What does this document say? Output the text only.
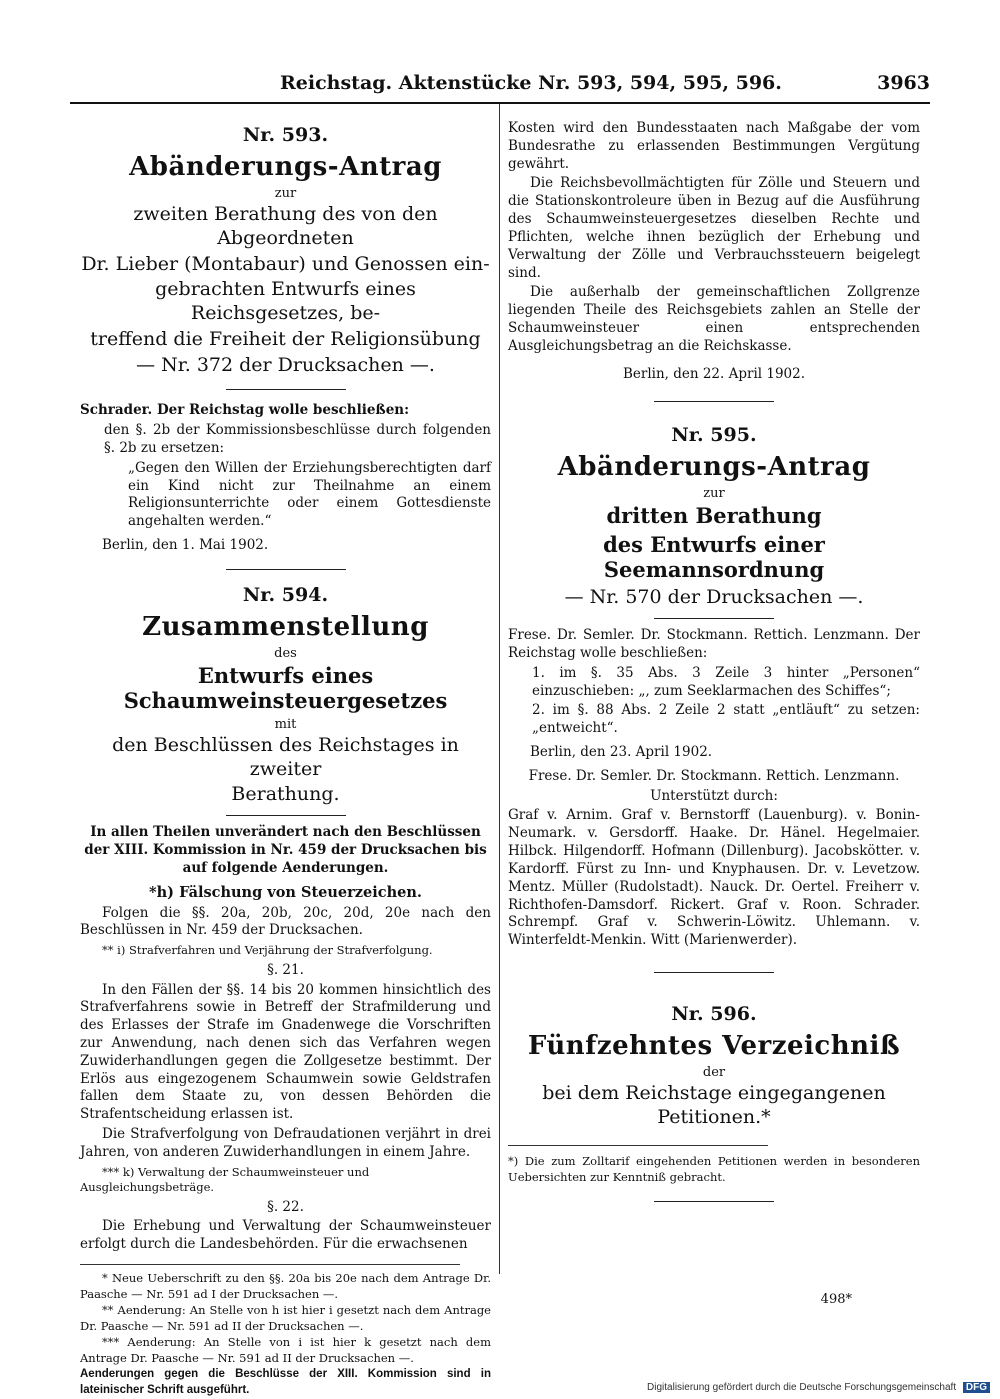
Reichstag. Aktenstücke Nr. 593, 594, 595, 596.	3963
Nr. 593.
Abänderungs-Antrag
zur
zweiten Berathung des von den Abgeordneten
Dr. Lieber (Montabaur) und Genossen ein-
gebrachten Entwurfs eines Reichsgesetzes, be-
treffend die Freiheit der Religionsübung
— Nr. 372 der Drucksachen —.

Schrader. Der Reichstag wolle beschließen:

den §. 2b der Kommissionsbeschlüsse durch folgenden §. 2b zu ersetzen:

„Gegen den Willen der Erziehungsberechtigten darf ein Kind nicht zur Theilnahme an einem Religionsunterrichte oder einem Gottesdienste angehalten werden.“

Berlin, den 1. Mai 1902.

Nr. 594.
Zusammenstellung
des
Entwurfs eines Schaumweinsteuergesetzes
mit
den Beschlüssen des Reichstages in zweiter
Berathung.

In allen Theilen unverändert nach den Beschlüssen der XIII. Kommission in Nr. 459 der Drucksachen bis auf folgende Aenderungen.

*h) Fälschung von Steuerzeichen.

Folgen die §§. 20a, 20b, 20c, 20d, 20e nach den Beschlüssen in Nr. 459 der Drucksachen.

** i) Strafverfahren und Verjährung der Strafverfolgung.

§. 21.

In den Fällen der §§. 14 bis 20 kommen hinsichtlich des Strafverfahrens sowie in Betreff der Strafmilderung und des Erlasses der Strafe im Gnadenwege die Vorschriften zur Anwendung, nach denen sich das Verfahren wegen Zuwiderhandlungen gegen die Zollgesetze bestimmt. Der Erlös aus eingezogenem Schaumwein sowie Geldstrafen fallen dem Staate zu, von dessen Behörden die Strafentscheidung erlassen ist.

Die Strafverfolgung von Defraudationen verjährt in drei Jahren, von anderen Zuwiderhandlungen in einem Jahre.

*** k) Verwaltung der Schaumweinsteuer und Ausgleichungsbeträge.

§. 22.

Die Erhebung und Verwaltung der Schaumweinsteuer erfolgt durch die Landesbehörden. Für die erwachsenen

* Neue Ueberschrift zu den §§. 20a bis 20e nach dem Antrage Dr. Paasche — Nr. 591 ad I der Drucksachen —.

** Aenderung: An Stelle von h ist hier i gesetzt nach dem Antrage Dr. Paasche — Nr. 591 ad II der Drucksachen —.

*** Aenderung: An Stelle von i ist hier k gesetzt nach dem Antrage Dr. Paasche — Nr. 591 ad II der Drucksachen —.

Aenderungen gegen die Beschlüsse der XIII. Kommission sind in lateinischer Schrift ausgeführt.

Kosten wird den Bundesstaaten nach Maßgabe der vom Bundesrathe zu erlassenden Bestimmungen Vergütung gewährt.

Die Reichsbevollmächtigten für Zölle und Steuern und die Stationskontroleure üben in Bezug auf die Ausführung des Schaumweinsteuergesetzes dieselben Rechte und Pflichten, welche ihnen bezüglich der Erhebung und Verwaltung der Zölle und Verbrauchssteuern beigelegt sind.

Die außerhalb der gemeinschaftlichen Zollgrenze liegenden Theile des Reichsgebiets zahlen an Stelle der Schaumweinsteuer einen entsprechenden Ausgleichungsbetrag an die Reichskasse.

Berlin, den 22. April 1902.

Nr. 595.
Abänderungs-Antrag
zur
dritten Berathung
des Entwurfs einer Seemannsordnung
— Nr. 570 der Drucksachen —.

Frese. Dr. Semler. Dr. Stockmann. Rettich. Lenzmann. Der Reichstag wolle beschließen:

1. im §. 35 Abs. 3 Zeile 3 hinter „Personen“ einzuschieben: „, zum Seeklarmachen des Schiffes“;

2. im §. 88 Abs. 2 Zeile 2 statt „entläuft“ zu setzen: „entweicht“.

Berlin, den 23. April 1902.

Frese. Dr. Semler. Dr. Stockmann. Rettich. Lenzmann.

Unterstützt durch:

Graf v. Arnim. Graf v. Bernstorff (Lauenburg). v. Bonin-Neumark. v. Gersdorff. Haake. Dr. Hänel. Hegelmaier. Hilbck. Hilgendorff. Hofmann (Dillenburg). Jacobskötter. v. Kardorff. Fürst zu Inn- und Knyphausen. Dr. v. Levetzow. Mentz. Müller (Rudolstadt). Nauck. Dr. Oertel. Freiherr v. Richthofen-Damsdorf. Rickert. Graf v. Roon. Schrader. Schrempf. Graf v. Schwerin-Löwitz. Uhlemann. v. Winterfeldt-Menkin. Witt (Marienwerder).

Nr. 596.
Fünfzehntes Verzeichniß
der
bei dem Reichstage eingegangenen Petitionen.*

*) Die zum Zolltarif eingehenden Petitionen werden in besonderen Uebersichten zur Kenntniß gebracht.

498*
Digitalisierung gefördert durch die Deutsche Forschungsgemeinschaft DFG
